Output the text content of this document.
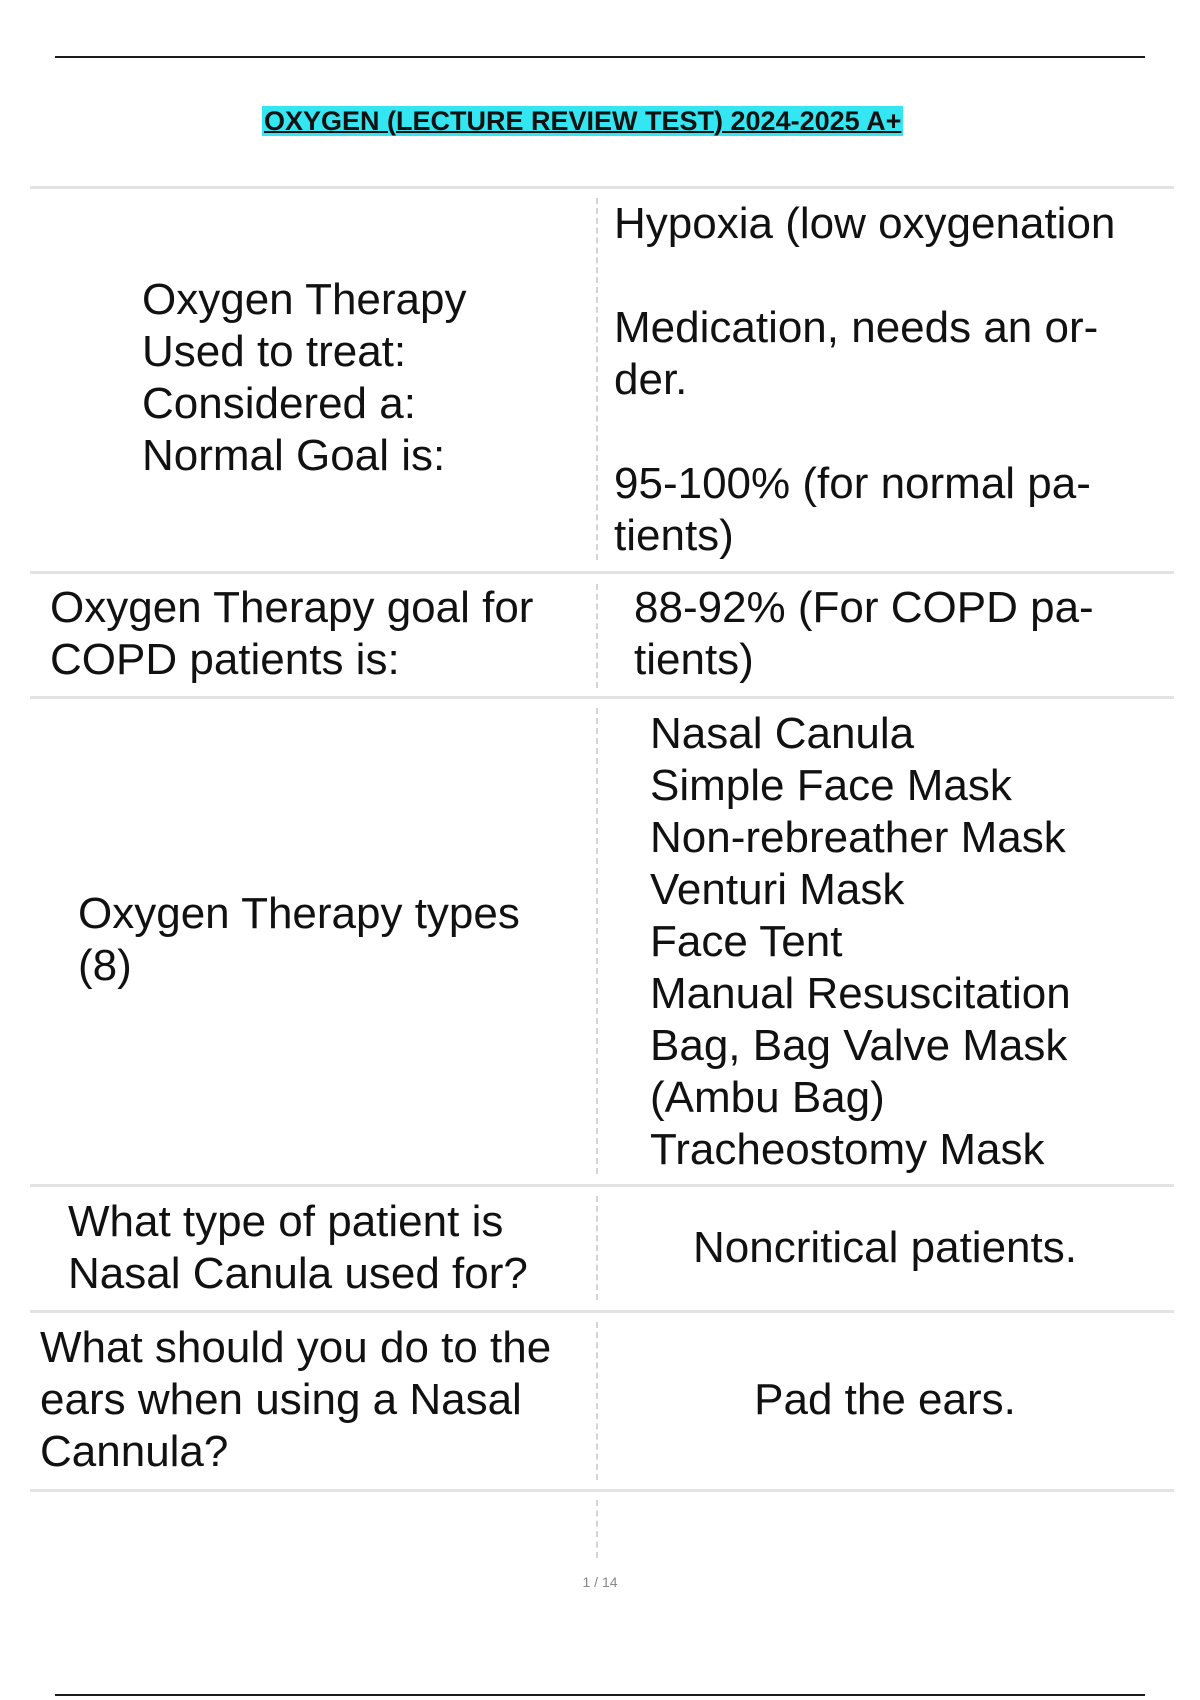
OXYGEN (LECTURE REVIEW TEST) 2024-2025 A+
Oxygen Therapy
Used to treat:
Considered a:
Normal Goal is:
Hypoxia (low oxygenation

Medication, needs an or-
der.

95-100% (for normal pa-
tients)
Oxygen Therapy goal for
COPD patients is:
88-92% (For COPD pa-
tients)
Oxygen Therapy types
(8)
Nasal Canula
Simple Face Mask
Non-rebreather Mask
Venturi Mask
Face Tent
Manual Resuscitation
Bag, Bag Valve Mask
(Ambu Bag)
Tracheostomy Mask
What type of patient is
Nasal Canula used for?
Noncritical patients.
What should you do to the
ears when using a Nasal
Cannula?
Pad the ears.
1 / 14
